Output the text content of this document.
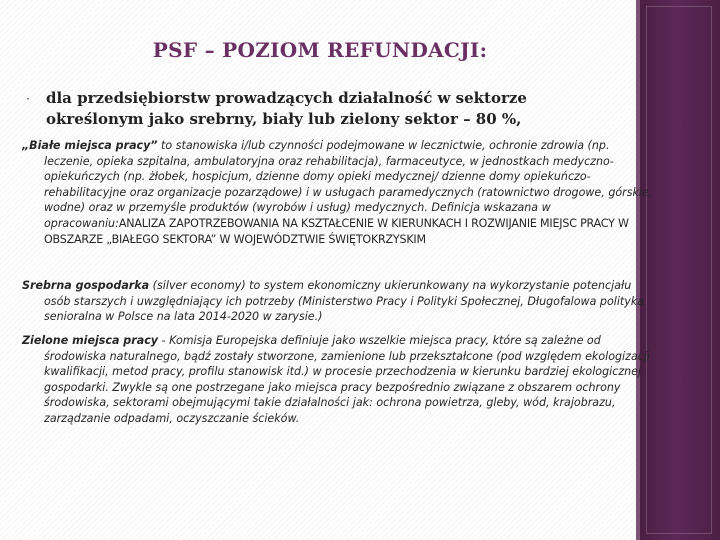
PSF – POZIOM REFUNDACJI:
·	dla przedsiębiorstw prowadzących działalność w sektorze określonym jako srebrny, biały lub zielony sektor – 80 %,

„Białe miejsca pracy” to stanowiska i/lub czynności podejmowane w lecznictwie, ochronie zdrowia (np. leczenie, opieka szpitalna, ambulatoryjna oraz rehabilitacja), farmaceutyce, w jednostkach medyczno-opiekuńczych (np. żłobek, hospicjum, dzienne domy opieki medycznej/ dzienne domy opiekuńczo-rehabilitacyjne oraz organizacje pozarządowe) i w usługach paramedycznych (ratownictwo drogowe, górskie, wodne) oraz w przemyśle produktów (wyrobów i usług) medycznych. Definicja wskazana w opracowaniu:ANALIZA ZAPOTRZEBOWANIA NA KSZTAŁCENIE W KIERUNKACH I ROZWIJANIE MIEJSC PRACY W OBSZARZE „BIAŁEGO SEKTORA” W WOJEWÓDZTWIE ŚWIĘTOKRZYSKIM

Srebrna gospodarka (silver economy) to system ekonomiczny ukierunkowany na wykorzystanie potencjału osób starszych i uwzględniający ich potrzeby (Ministerstwo Pracy i Polityki Społecznej, Długofalowa polityka senioralna w Polsce na lata 2014-2020 w zarysie.)

Zielone miejsca pracy - Komisja Europejska definiuje jako wszelkie miejsca pracy, które są zależne od środowiska naturalnego, bądź zostały stworzone, zamienione lub przekształcone (pod względem ekologizacji kwalifikacji, metod pracy, profilu stanowisk itd.) w procesie przechodzenia w kierunku bardziej ekologicznej gospodarki. Zwykle są one postrzegane jako miejsca pracy bezpośrednio związane z obszarem ochrony środowiska, sektorami obejmującymi takie działalności jak: ochrona powietrza, gleby, wód, krajobrazu, zarządzanie odpadami, oczyszczanie ścieków.
